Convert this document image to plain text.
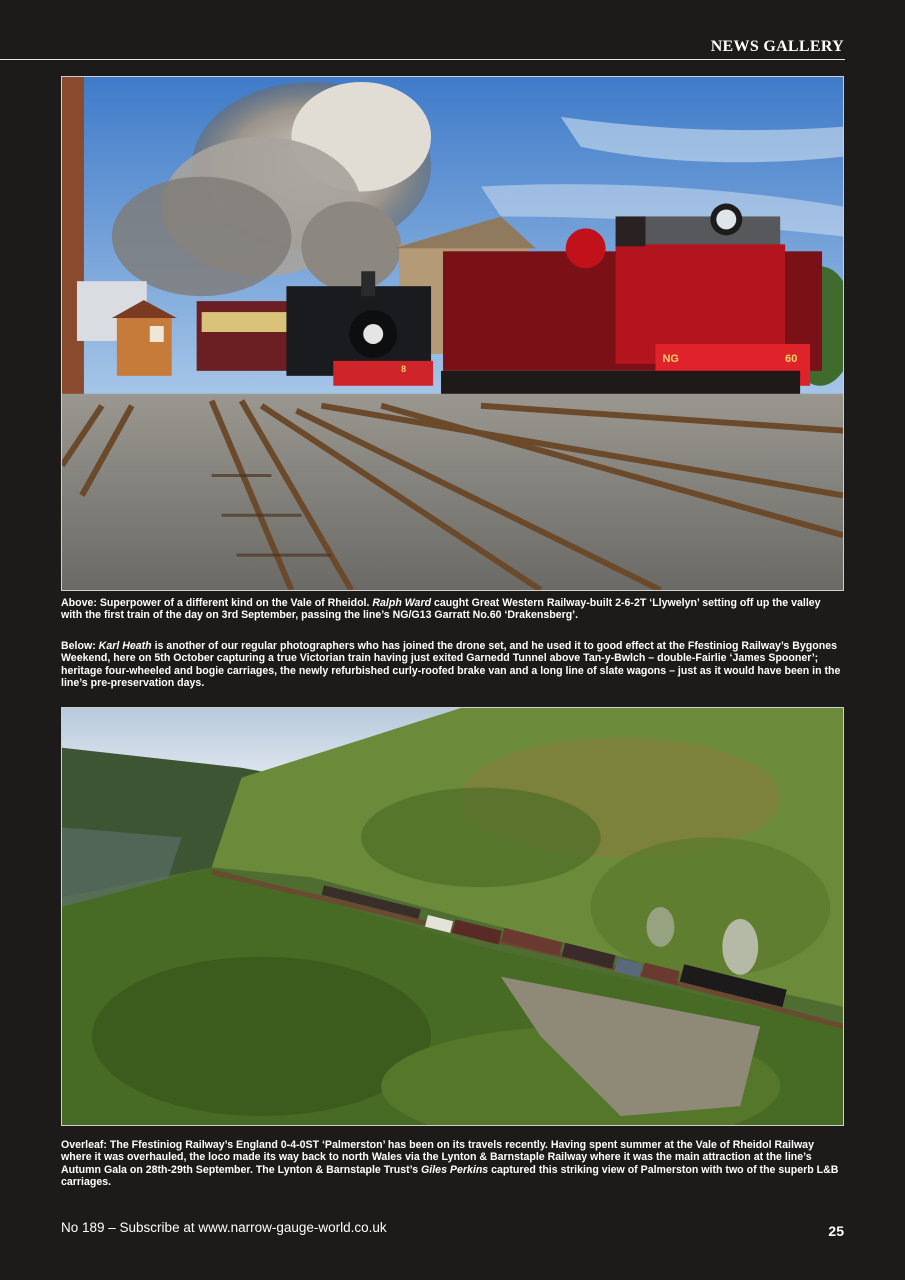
NEWS GALLERY
8
NG	60

Above: Superpower of a different kind on the Vale of Rheidol. Ralph Ward caught Great Western Railway-built 2-6-2T ‘Llywelyn’ setting off up the valley with the first train of the day on 3rd September, passing the line’s NG/G13 Garratt No.60 ‘Drakensberg’.

Below: Karl Heath is another of our regular photographers who has joined the drone set, and he used it to good effect at the Ffestiniog Railway’s Bygones Weekend, here on 5th October capturing a true Victorian train having just exited Garnedd Tunnel above Tan-y-Bwlch – double-Fairlie ‘James Spooner’; heritage four-wheeled and bogie carriages, the newly refurbished curly-roofed brake van and a long line of slate wagons – just as it would have been in the line’s pre-preservation days.

Overleaf: The Ffestiniog Railway’s England 0-4-0ST ‘Palmerston’ has been on its travels recently. Having spent summer at the Vale of Rheidol Railway where it was overhauled, the loco made its way back to north Wales via the Lynton & Barnstaple Railway where it was the main attraction at the line’s Autumn Gala on 28th-29th September. The Lynton & Barnstaple Trust’s Giles Perkins captured this striking view of Palmerston with two of the superb L&B carriages.

No 189 – Subscribe at www.narrow-gauge-world.co.uk	25
